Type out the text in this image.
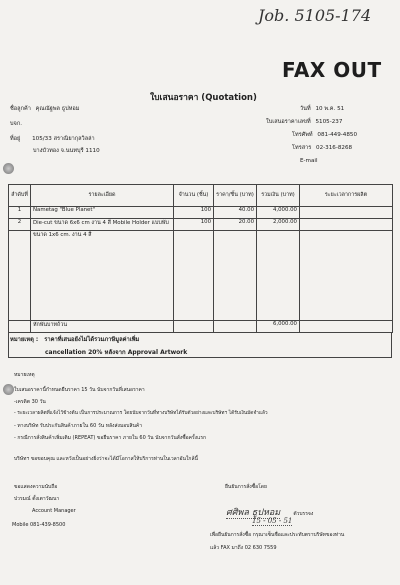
Job. 5105-174
FAX OUT
ใบเสนอราคา (Quotation)
ชื่อลูกค้า คุณณัฐพล ธูปหอม
บจก.
ที่อยู่ 105/33 สราณิยากุลวิลล่า
บางบัวทอง จ.นนทบุรี 1110
วันที่ 10 พ.ค. 51
ใบเสนอราคาเลขที่ 5105-237
โทรศัพท์ 081-449-4850
โทรสาร 02-316-8268
E-mail
ลำดับที่	รายละเอียด	จำนวน (ชิ้น)	ราคา/ชิ้น (บาท)	รวมเงิน (บาท)	ระยะเวลาการผลิต
1	Nametag "Blue Planet"	100	40.00	4,000.00	
2	Die-cut ขนาด 6x6 cm งาน 4 สี Mobile Holder แบบพับ	100	20.00	2,000.00	
	ขนาด 1x6 cm. งาน 4 สี				
	หักพันบาทถ้วน			6,000.00	
หมายเหตุ : ราคาที่เสนอยังไม่ได้รวมภาษีมูลค่าเพิ่ม
cancellation 20% หลังจาก Approval Artwork
หมายเหตุ
ใบเสนอราคานี้กำหนดยืนราคา 15 วัน นับจากวันที่เสนอราคา
-เครดิต 30 วัน
- ระยะเวลาผลิตที่แจ้งไว้ข้างต้น เป็นการประมาณการ โดยนับจากวันที่ทางบริษัทได้รับตัวอย่างและบริษัทฯ ได้รับเงินมัดจำแล้ว
- ทางบริษัท รับประกันสินค้าภายใน 60 วัน หลังส่งมอบสินค้า
- กรณีการสั่งสินค้าเพิ่มเติม (REPEAT) ขอยืนราคา ภายใน 60 วัน นับจากวันสั่งซื้อครั้งแรก
บริษัทฯ ขอขอบคุณ และหวังเป็นอย่างยิ่งว่าจะได้มีโอกาสให้บริการท่านในเวลาอันใกล้นี้
ขอแสดงความนับถือ
ปวรมณ์ ตั้งเตาวัฒนา
Account Manager
Mobile 081-439-8500
ยืนยันการสั่งซื้อโดย
ศศิพล ธูปหอม	ตัวบรรจง
15 - 05 - 51
เพื่อยืนยันการสั่งซื้อ กรุณาเซ็นชื่อและประทับตราบริษัทของท่าน
แล้ว FAX มาถึง 02 630 7559
